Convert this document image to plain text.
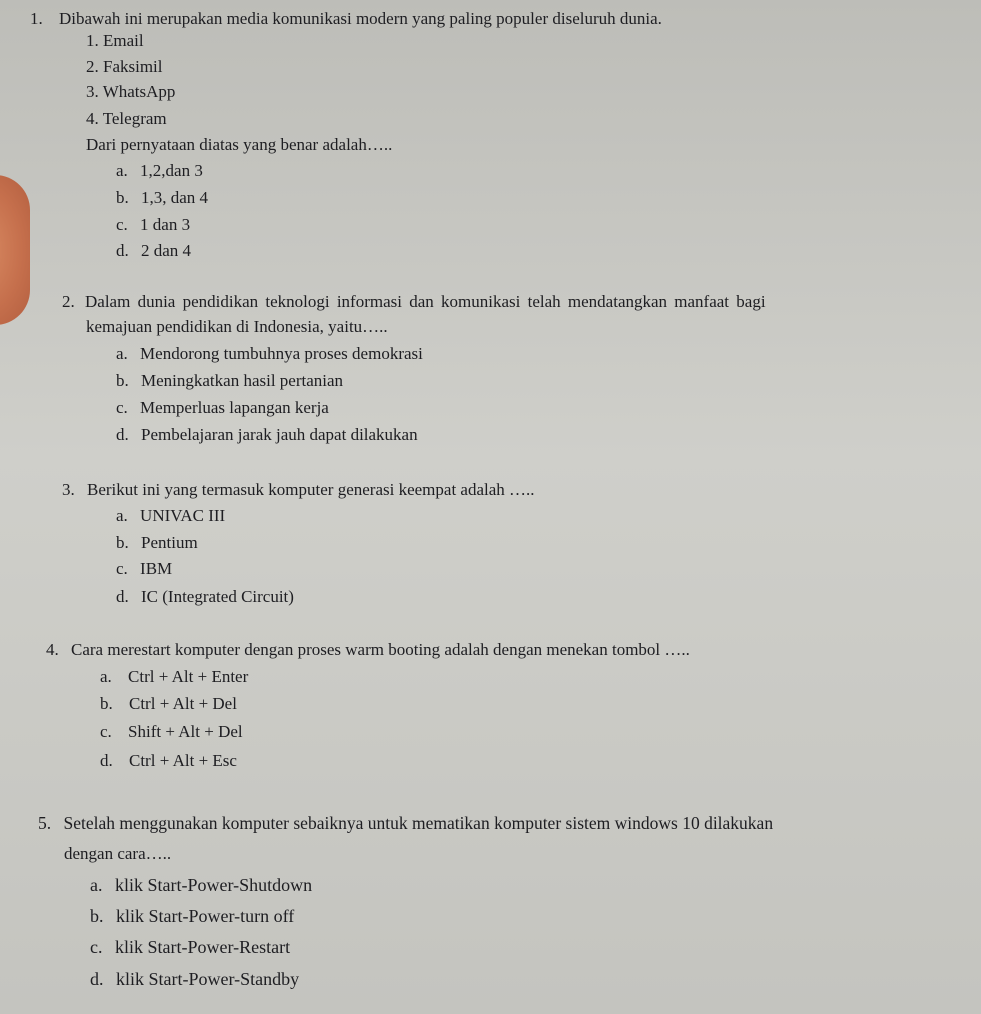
1. Dibawah ini merupakan media komunikasi modern yang paling populer diseluruh dunia.
1. Email
2. Faksimil
3. WhatsApp
4. Telegram
Dari pernyataan diatas yang benar adalah…..
a. 1,2,dan 3
b. 1,3, dan 4
c. 1 dan 3
d. 2 dan 4
2. Dalam dunia pendidikan teknologi informasi dan komunikasi telah mendatangkan manfaat bagi
kemajuan pendidikan di Indonesia, yaitu…..
a. Mendorong tumbuhnya proses demokrasi
b. Meningkatkan hasil pertanian
c. Memperluas lapangan kerja
d. Pembelajaran jarak jauh dapat dilakukan
3. Berikut ini yang termasuk komputer generasi keempat adalah …..
a. UNIVAC III
b. Pentium
c. IBM
d. IC (Integrated Circuit)
4. Cara merestart komputer dengan proses warm booting adalah dengan menekan tombol …..
a. Ctrl + Alt + Enter
b. Ctrl + Alt + Del
c. Shift + Alt + Del
d. Ctrl + Alt + Esc
5. Setelah menggunakan komputer sebaiknya untuk mematikan komputer sistem windows 10 dilakukan
dengan cara…..
a. klik Start-Power-Shutdown
b. klik Start-Power-turn off
c. klik Start-Power-Restart
d. klik Start-Power-Standby
